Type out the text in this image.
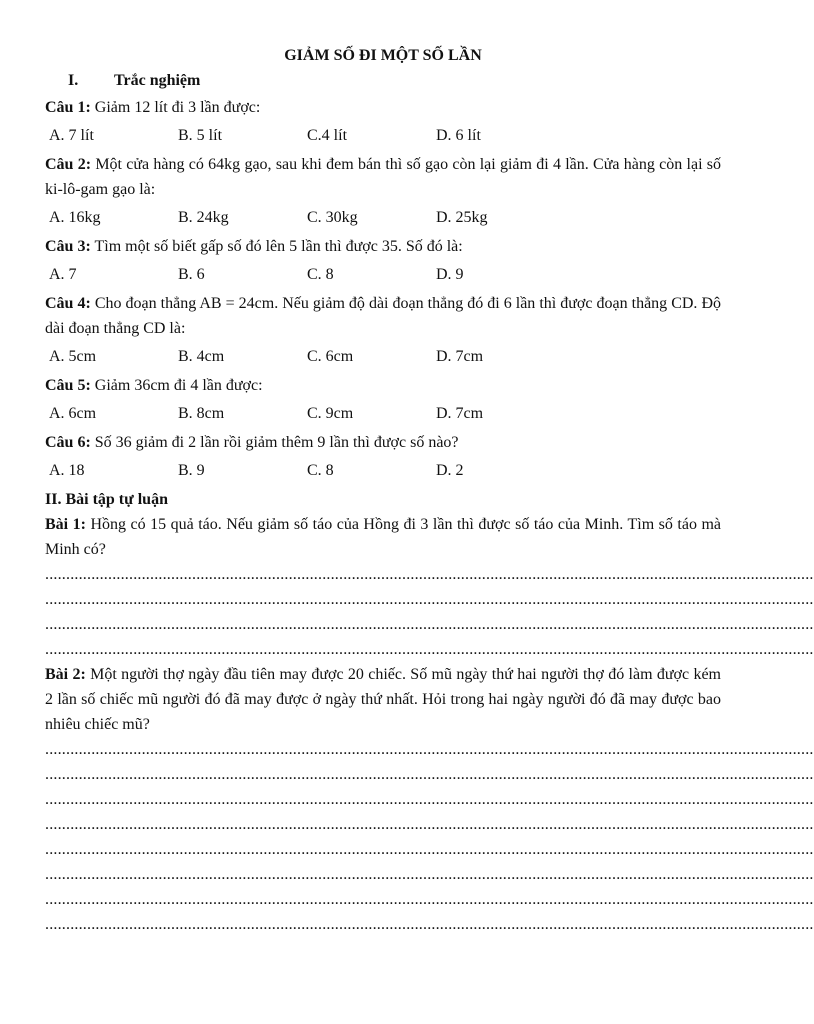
GIẢM SỐ ĐI MỘT SỐ LẦN
I. Trắc nghiệm
Câu 1: Giảm 12 lít đi 3 lần được:
A. 7 lít	B. 5 lít	C.4 lít	D. 6 lít
Câu 2: Một cửa hàng có 64kg gạo, sau khi đem bán thì số gạo còn lại giảm đi 4 lần. Cửa hàng còn lại số ki-lô-gam gạo là:
A. 16kg	B. 24kg	C. 30kg	D. 25kg
Câu 3: Tìm một số biết gấp số đó lên 5 lần thì được 35. Số đó là:
A. 7	B. 6	C. 8	D. 9
Câu 4: Cho đoạn thẳng AB = 24cm. Nếu giảm độ dài đoạn thẳng đó đi 6 lần thì được đoạn thẳng CD. Độ dài đoạn thẳng CD là:
A. 5cm	B. 4cm	C. 6cm	D. 7cm
Câu 5: Giảm 36cm đi 4 lần được:
A. 6cm	B. 8cm	C. 9cm	D. 7cm
Câu 6: Số 36 giảm đi 2 lần rồi giảm thêm 9 lần thì được số nào?
A. 18	B. 9	C. 8	D. 2
II. Bài tập tự luận
Bài 1: Hồng có 15 quả táo. Nếu giảm số táo của Hồng đi 3 lần thì được số táo của Minh. Tìm số táo mà Minh có?
.......................................................................................................................................................................................
.......................................................................................................................................................................................
.......................................................................................................................................................................................
.......................................................................................................................................................................................
Bài 2: Một người thợ ngày đầu tiên may được 20 chiếc. Số mũ ngày thứ hai người thợ đó làm được kém 2 lần số chiếc mũ người đó đã may được ở ngày thứ nhất. Hỏi trong hai ngày người đó đã may được bao nhiêu chiếc mũ?
.......................................................................................................................................................................................
.......................................................................................................................................................................................
.......................................................................................................................................................................................
.......................................................................................................................................................................................
.......................................................................................................................................................................................
.......................................................................................................................................................................................
.......................................................................................................................................................................................
.......................................................................................................................................................................................
